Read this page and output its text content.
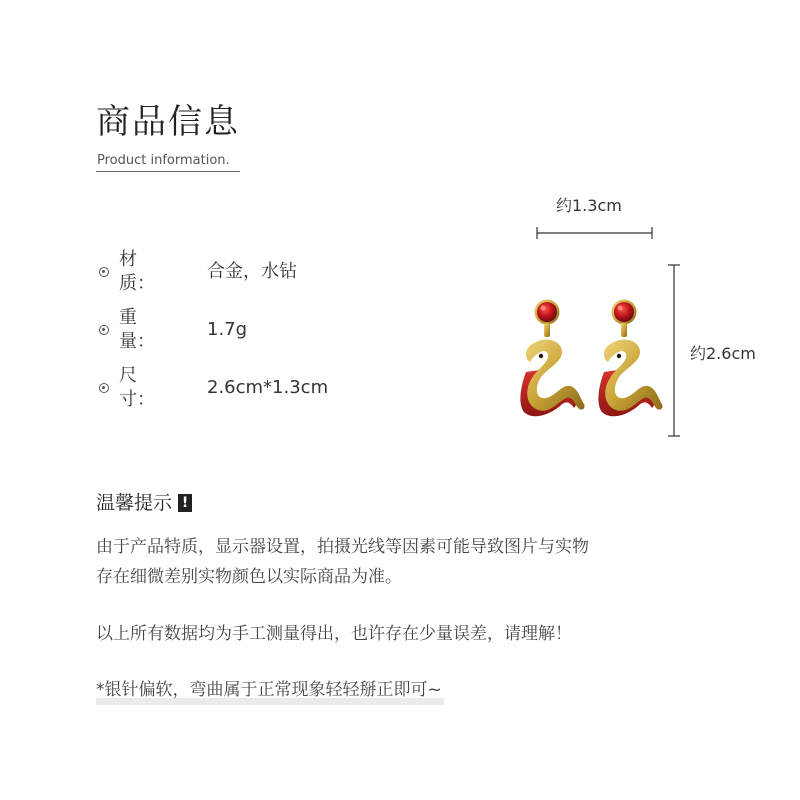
商品信息
Product information.
材　　质：
合金，水钻
重　　量：
1.7g
尺　　寸：
2.6cm*1.3cm
约1.3cm
约2.6cm
温馨提示 !
由于产品特质，显示器设置，拍摄光线等因素可能导致图片与实物
存在细微差别实物颜色以实际商品为准。
以上所有数据均为手工测量得出，也许存在少量误差，请理解！
*银针偏软，弯曲属于正常现象轻轻掰正即可~
